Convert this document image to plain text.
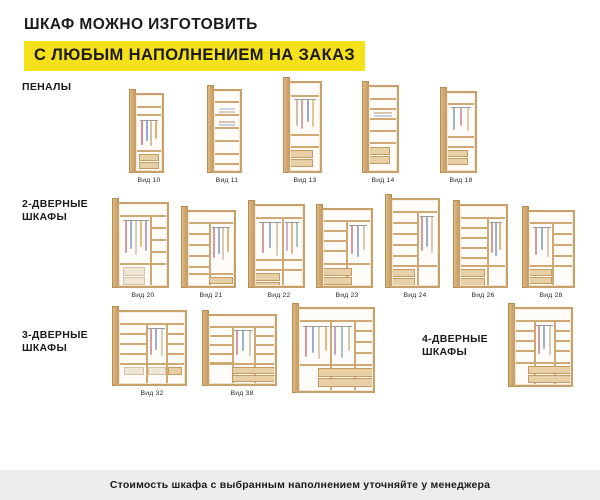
ШКАФ МОЖНО ИЗГОТОВИТЬ
С ЛЮБЫМ НАПОЛНЕНИЕМ НА ЗАКАЗ
ПЕНАЛЫ
Вид 10	Вид 11	Вид 13	Вид 14	Вид 18
2-ДВЕРНЫЕ
ШКАФЫ
Вид 20	Вид 21	Вид 22	Вид 23	Вид 24	Вид 26	Вид 28
3-ДВЕРНЫЕ
ШКАФЫ
Вид 32	Вид 38
4-ДВЕРНЫЕ
ШКАФЫ
Стоимость шкафа с выбранным наполнением уточняйте у менеджера
